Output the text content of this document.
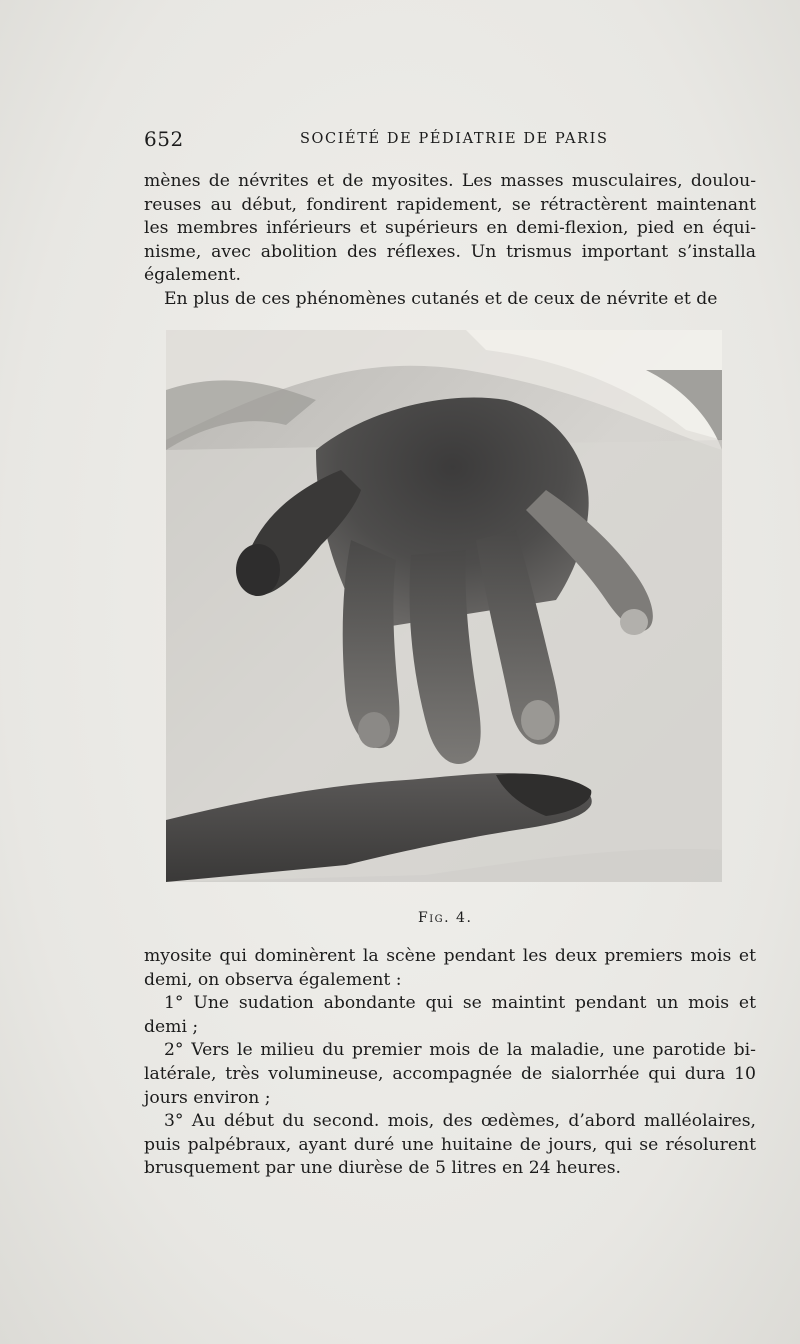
652	SOCIÉTÉ DE PÉDIATRIE DE PARIS

mènes de névrites et de myosites. Les masses musculaires, doulou-reuses au début, fondirent rapidement, se rétractèrent maintenant les membres inférieurs et supérieurs en demi-flexion, pied en équi-nisme, avec abolition des réflexes. Un trismus important s’installa également.

En plus de ces phénomènes cutanés et de ceux de névrite et de

Fig. 4.

myosite qui dominèrent la scène pendant les deux premiers mois et demi, on observa également :

1° Une sudation abondante qui se maintint pendant un mois et demi ;

2° Vers le milieu du premier mois de la maladie, une parotide bi-latérale, très volumineuse, accompagnée de sialorrhée qui dura 10 jours environ ;

3° Au début du second. mois, des œdèmes, d’abord malléolaires, puis palpébraux, ayant duré une huitaine de jours, qui se résolurent brusquement par une diurèse de 5 litres en 24 heures.
